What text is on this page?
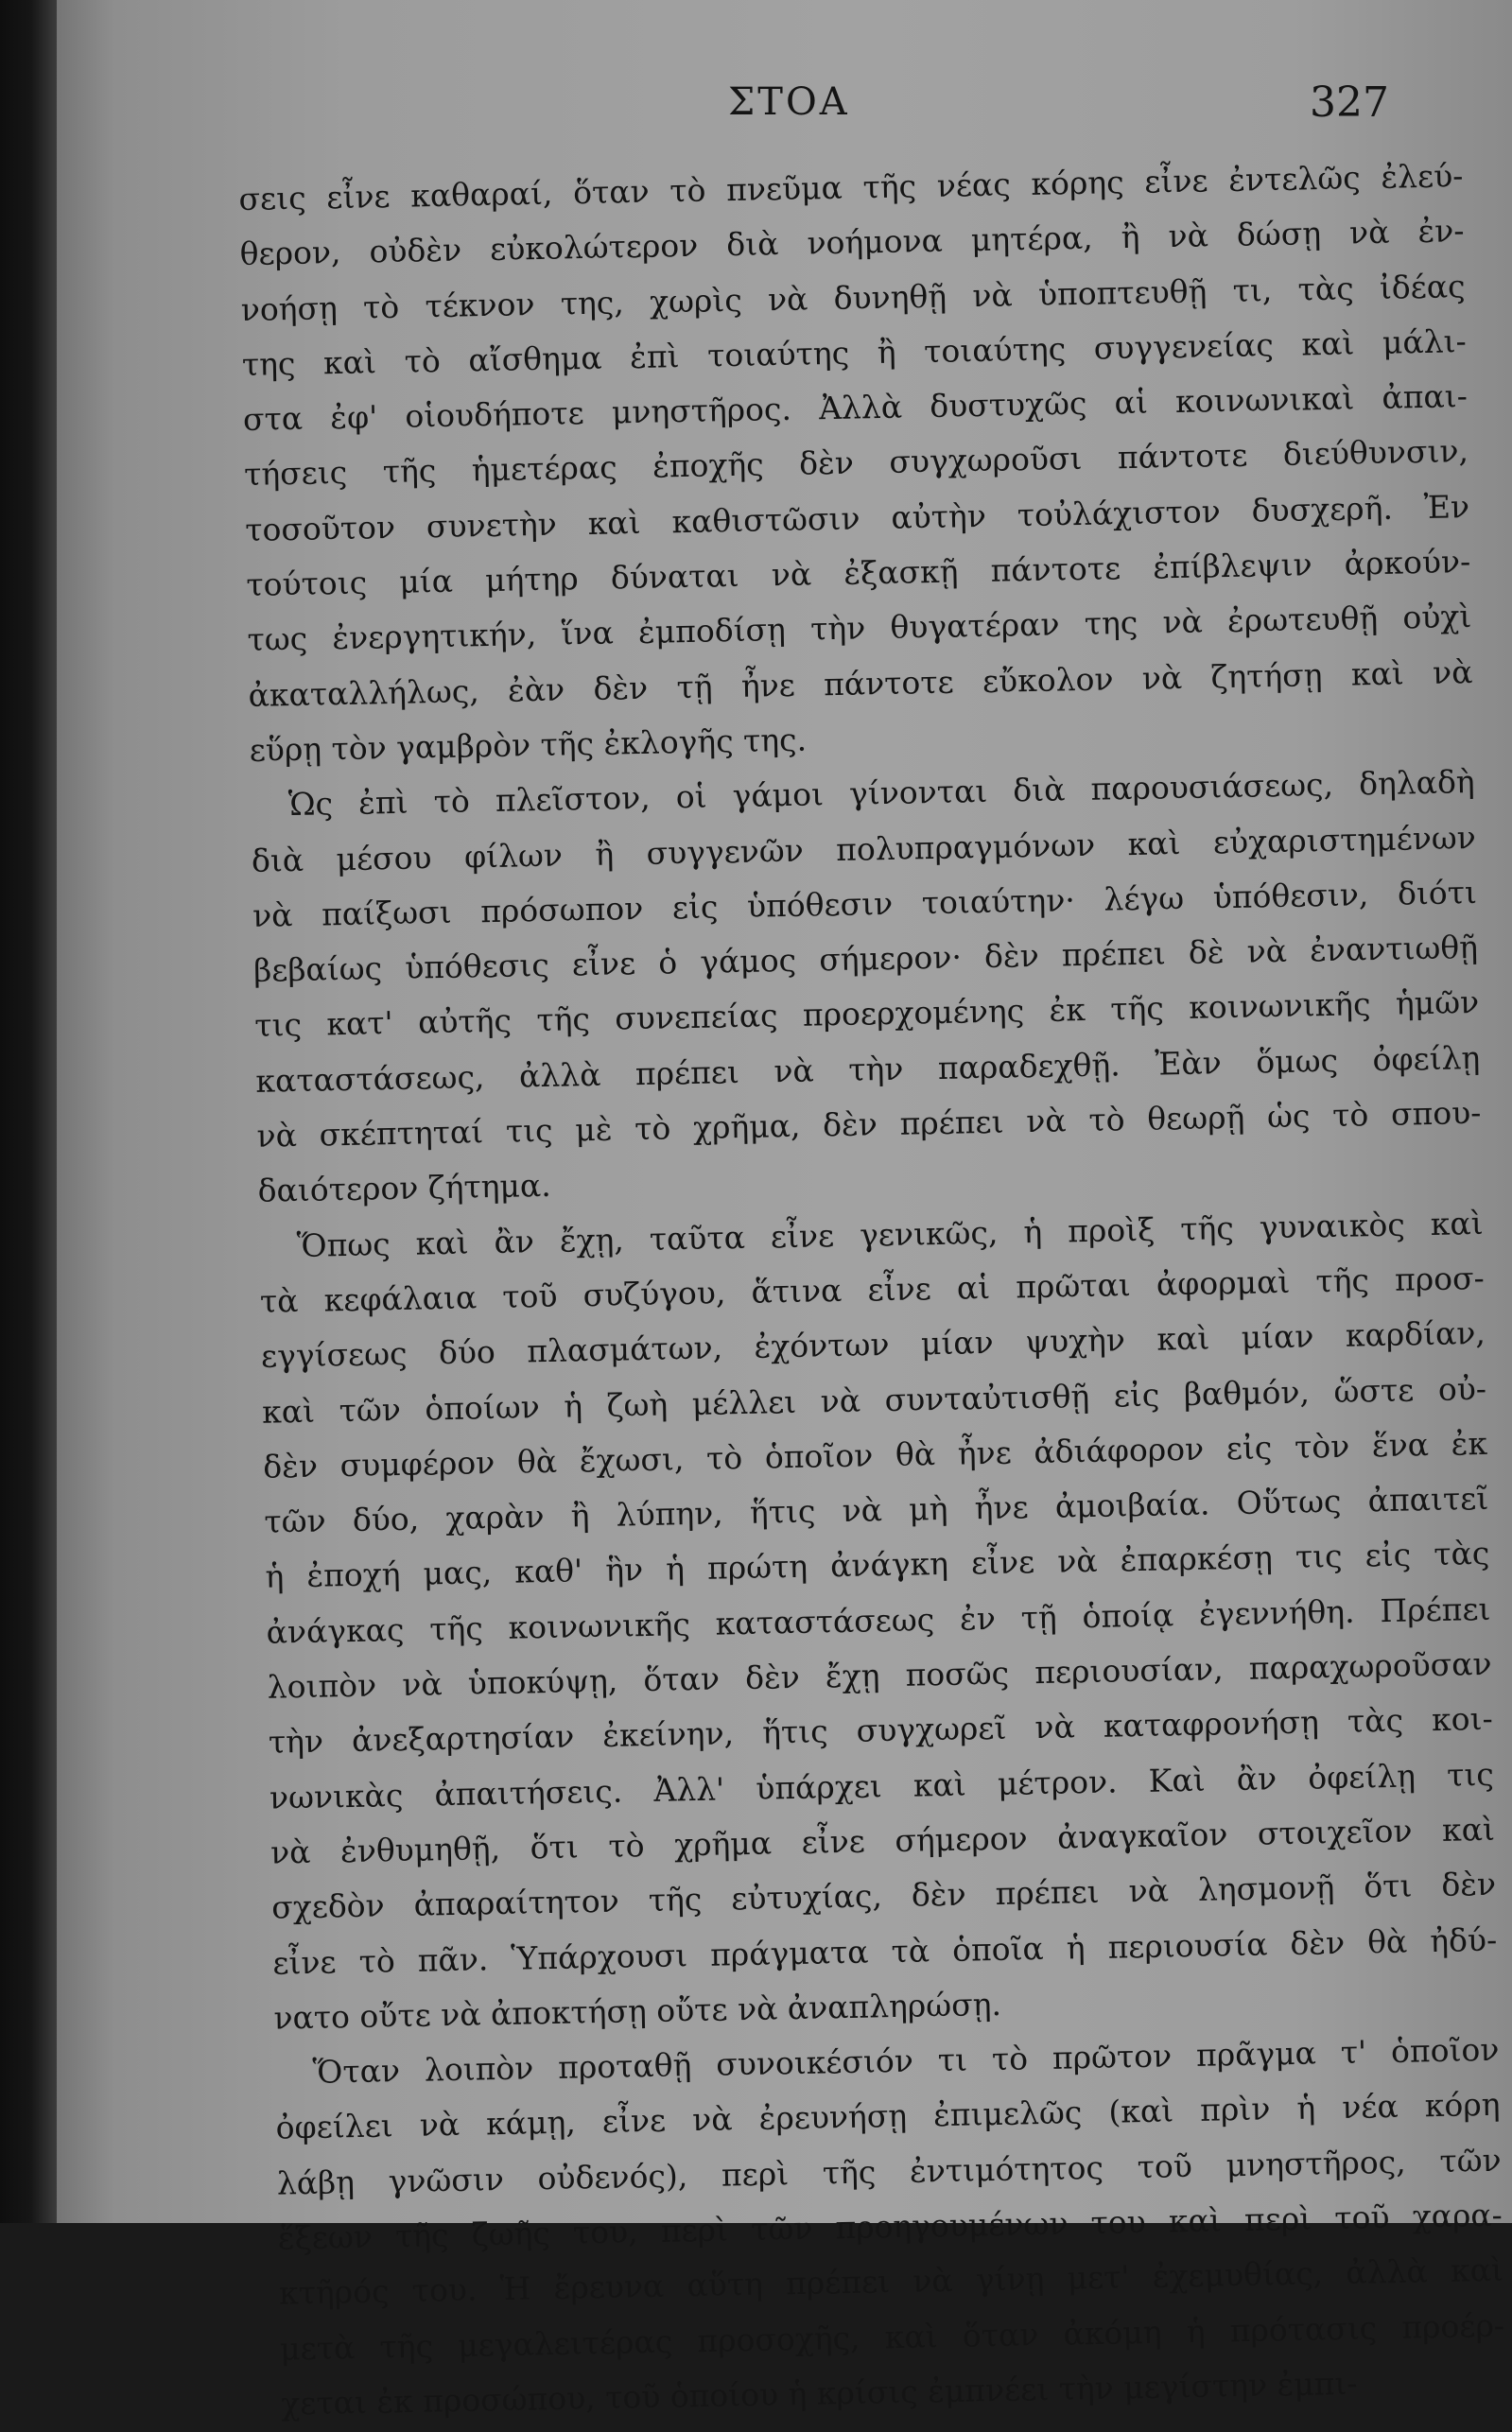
ΣΤΟΑ	327
σεις εἶνε καθαραί, ὅταν τὸ πνεῦμα τῆς νέας κόρης εἶνε ἐντελῶς ἐλεύ-
θερον, οὐδὲν εὐκολώτερον διὰ νοήμονα μητέρα, ἢ νὰ δώσῃ νὰ ἐν-
νοήσῃ τὸ τέκνον της, χωρὶς νὰ δυνηθῇ νὰ ὑποπτευθῇ τι, τὰς ἰδέας
της καὶ τὸ αἴσθημα ἐπὶ τοιαύτης ἢ τοιαύτης συγγενείας καὶ μάλι-
στα ἐφ' οἱουδήποτε μνηστῆρος. Ἀλλὰ δυστυχῶς αἱ κοινωνικαὶ ἀπαι-
τήσεις τῆς ἡμετέρας ἐποχῆς δὲν συγχωροῦσι πάντοτε διεύθυνσιν,
τοσοῦτον συνετὴν καὶ καθιστῶσιν αὐτὴν τοὐλάχιστον δυσχερῆ. Ἐν
τούτοις μία μήτηρ δύναται νὰ ἐξασκῇ πάντοτε ἐπίβλεψιν ἀρκούν-
τως ἐνεργητικήν, ἵνα ἐμποδίσῃ τὴν θυγατέραν της νὰ ἐρωτευθῇ οὐχὶ
ἀκαταλλήλως, ἐὰν δὲν τῇ ἦνε πάντοτε εὔκολον νὰ ζητήσῃ καὶ νὰ
εὕρῃ τὸν γαμβρὸν τῆς ἐκλογῆς της.
Ὡς ἐπὶ τὸ πλεῖστον, οἱ γάμοι γίνονται διὰ παρουσιάσεως, δηλαδὴ
διὰ μέσου φίλων ἢ συγγενῶν πολυπραγμόνων καὶ εὐχαριστημένων
νὰ παίξωσι πρόσωπον εἰς ὑπόθεσιν τοιαύτην· λέγω ὑπόθεσιν, διότι
βεβαίως ὑπόθεσις εἶνε ὁ γάμος σήμερον· δὲν πρέπει δὲ νὰ ἐναντιωθῇ
τις κατ' αὐτῆς τῆς συνεπείας προερχομένης ἐκ τῆς κοινωνικῆς ἡμῶν
καταστάσεως, ἀλλὰ πρέπει νὰ τὴν παραδεχθῇ. Ἐὰν ὅμως ὀφείλῃ
νὰ σκέπτηταί τις μὲ τὸ χρῆμα, δὲν πρέπει νὰ τὸ θεωρῇ ὡς τὸ σπου-
δαιότερον ζήτημα.
Ὅπως καὶ ἂν ἔχῃ, ταῦτα εἶνε γενικῶς, ἡ προὶξ τῆς γυναικὸς καὶ
τὰ κεφάλαια τοῦ συζύγου, ἅτινα εἶνε αἱ πρῶται ἀφορμαὶ τῆς προσ-
εγγίσεως δύο πλασμάτων, ἐχόντων μίαν ψυχὴν καὶ μίαν καρδίαν,
καὶ τῶν ὁποίων ἡ ζωὴ μέλλει νὰ συνταὐτισθῇ εἰς βαθμόν, ὥστε οὐ-
δὲν συμφέρον θὰ ἔχωσι, τὸ ὁποῖον θὰ ἦνε ἀδιάφορον εἰς τὸν ἕνα ἐκ
τῶν δύο, χαρὰν ἢ λύπην, ἥτις νὰ μὴ ἦνε ἀμοιβαία. Οὕτως ἀπαιτεῖ
ἡ ἐποχή μας, καθ' ἣν ἡ πρώτη ἀνάγκη εἶνε νὰ ἐπαρκέσῃ τις εἰς τὰς
ἀνάγκας τῆς κοινωνικῆς καταστάσεως ἐν τῇ ὁποίᾳ ἐγεννήθη. Πρέπει
λοιπὸν νὰ ὑποκύψῃ, ὅταν δὲν ἔχῃ ποσῶς περιουσίαν, παραχωροῦσαν
τὴν ἀνεξαρτησίαν ἐκείνην, ἥτις συγχωρεῖ νὰ καταφρονήσῃ τὰς κοι-
νωνικὰς ἀπαιτήσεις. Ἀλλ' ὑπάρχει καὶ μέτρον. Καὶ ἂν ὀφείλῃ τις
νὰ ἐνθυμηθῇ, ὅτι τὸ χρῆμα εἶνε σήμερον ἀναγκαῖον στοιχεῖον καὶ
σχεδὸν ἀπαραίτητον τῆς εὐτυχίας, δὲν πρέπει νὰ λησμονῇ ὅτι δὲν
εἶνε τὸ πᾶν. Ὑπάρχουσι πράγματα τὰ ὁποῖα ἡ περιουσία δὲν θὰ ἠδύ-
νατο οὔτε νὰ ἀποκτήσῃ οὔτε νὰ ἀναπληρώσῃ.
Ὅταν λοιπὸν προταθῇ συνοικέσιόν τι τὸ πρῶτον πρᾶγμα τ' ὁποῖον
ὀφείλει νὰ κάμῃ, εἶνε νὰ ἐρευνήσῃ ἐπιμελῶς (καὶ πρὶν ἡ νέα κόρη
λάβῃ γνῶσιν οὐδενός), περὶ τῆς ἐντιμότητος τοῦ μνηστῆρος, τῶν
ἕξεων τῆς ζωῆς του, περὶ τῶν προηγουμένων του καὶ περὶ τοῦ χαρα-
κτῆρός του. Ἡ ἔρευνα αὕτη πρέπει νὰ γίνῃ μετ' ἐχεμυθίας, ἀλλὰ καὶ
μετὰ τῆς μεγαλειτέρας προσοχῆς, καὶ ὅταν ἀκόμη ἡ πρότασις προέρ-
χεται ἐκ προσώπου, τοῦ ὁποίου ἡ κρίσις ἐμπνέει τὴν μεγίστην ἐμπι-
